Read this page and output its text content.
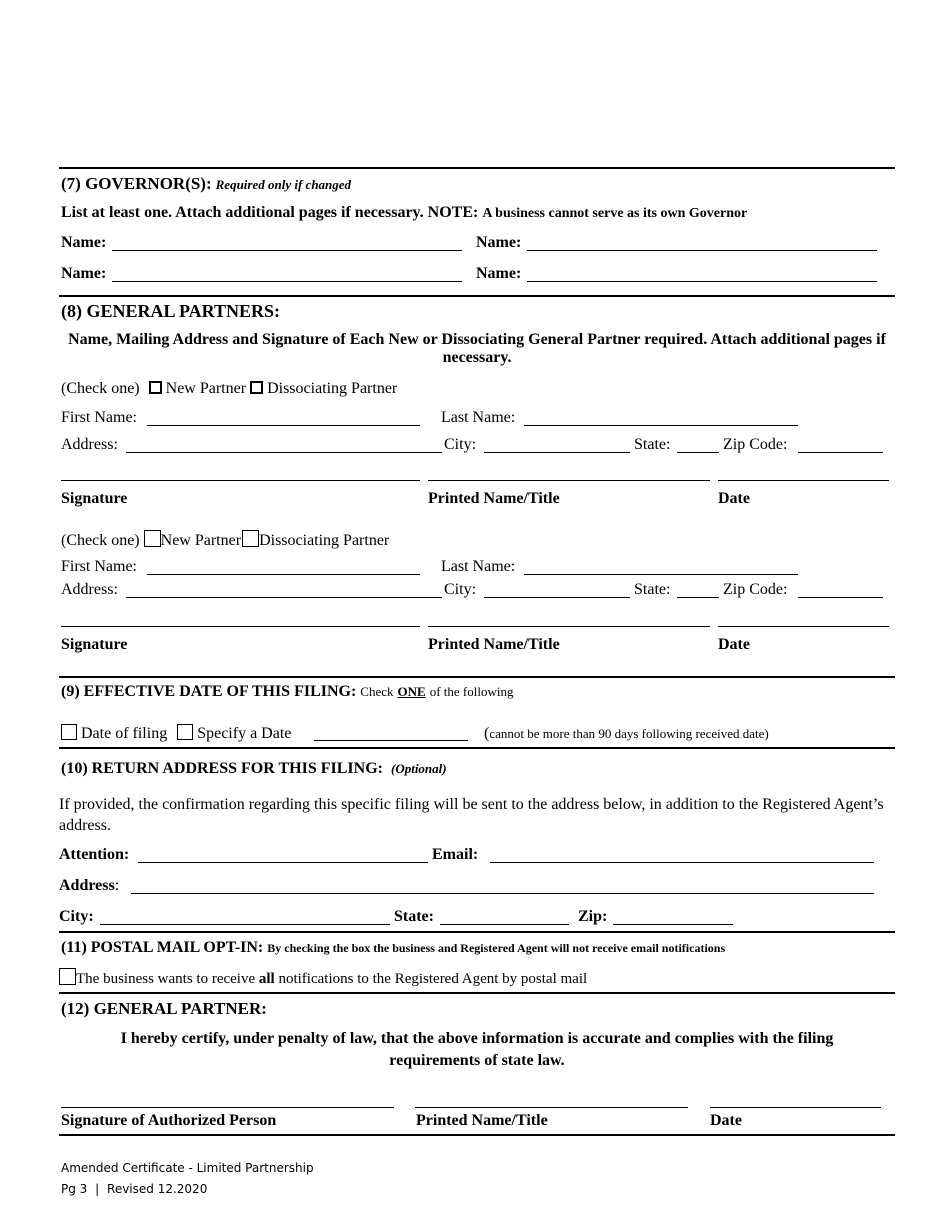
(7) GOVERNOR(S): Required only if changed
List at least one. Attach additional pages if necessary. NOTE: A business cannot serve as its own Governor
Name:	Name:
Name:	Name:
(8) GENERAL PARTNERS:
Name, Mailing Address and Signature of Each New or Dissociating General Partner required. Attach additional pages if necessary.
(Check one) New Partner Dissociating Partner
First Name:	Last Name:
Address:	City:	State:	Zip Code:
Signature	Printed Name/Title	Date
(Check one) New Partner Dissociating Partner
First Name:	Last Name:
Address:	City:	State:	Zip Code:
Signature	Printed Name/Title	Date
(9) EFFECTIVE DATE OF THIS FILING: Check ONE of the following
Date of filing Specify a Date	(cannot be more than 90 days following received date)
(10) RETURN ADDRESS FOR THIS FILING: (Optional)
If provided, the confirmation regarding this specific filing will be sent to the address below, in addition to the Registered Agent’s address.
Attention:	Email:
Address:
City:	State:	Zip:
(11) POSTAL MAIL OPT-IN: By checking the box the business and Registered Agent will not receive email notifications
The business wants to receive all notifications to the Registered Agent by postal mail
(12) GENERAL PARTNER:
I hereby certify, under penalty of law, that the above information is accurate and complies with the filing requirements of state law.
Signature of Authorized Person	Printed Name/Title	Date
Amended Certificate - Limited Partnership
Pg 3 | Revised 12.2020
